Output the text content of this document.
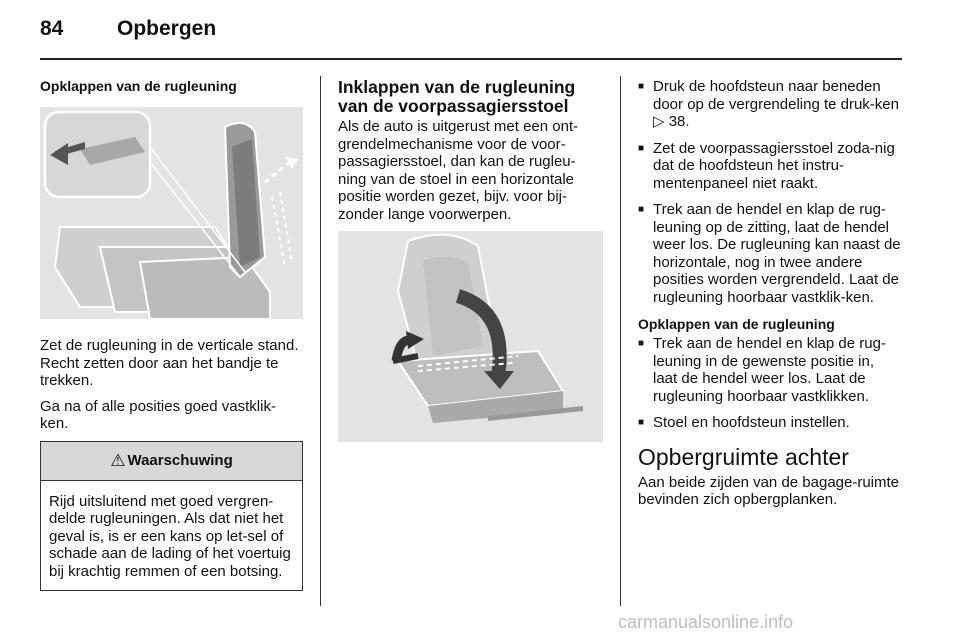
84	Opbergen
Opklappen van de rugleuning

Zet de rugleuning in de verticale stand. Recht zetten door aan het bandje te trekken.

Ga na of alle posities goed vastklik-ken.

⚠ Waarschuwing

Rijd uitsluitend met goed vergren-delde rugleuningen. Als dat niet het geval is, is er een kans op let-sel of schade aan de lading of het voertuig bij krachtig remmen of een botsing.

Inklappen van de rugleuning van de voorpassagiersstoel

Als de auto is uitgerust met een ont-grendelmechanisme voor de voor-passagiersstoel, dan kan de rugleu-ning van de stoel in een horizontale positie worden gezet, bijv. voor bij-zonder lange voorwerpen.

■ Druk de hoofdsteun naar beneden door op de vergrendeling te druk-ken ▷ 38.
■ Zet de voorpassagiersstoel zoda-nig dat de hoofdsteun het instru-mentenpaneel niet raakt.
■ Trek aan de hendel en klap de rug-leuning op de zitting, laat de hendel weer los. De rugleuning kan naast de horizontale, nog in twee andere posities worden vergrendeld. Laat de rugleuning hoorbaar vastklik-ken.
Opklappen van de rugleuning
■ Trek aan de hendel en klap de rug-leuning in de gewenste positie in, laat de hendel weer los. Laat de rugleuning hoorbaar vastklikken.
■ Stoel en hoofdsteun instellen.
Opbergruimte achter

Aan beide zijden van de bagage-ruimte bevinden zich opbergplanken.

carmanualsonline.info
